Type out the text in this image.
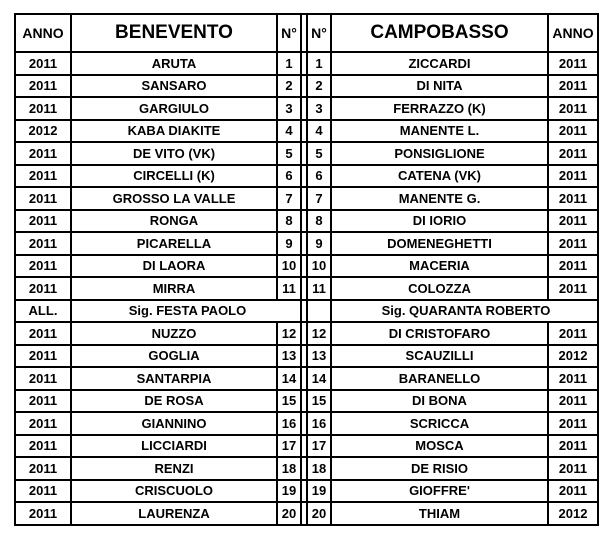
ANNO	BENEVENTO	N°		N°	CAMPOBASSO	ANNO
2011	ARUTA	1		1	ZICCARDI	2011
2011	SANSARO	2		2	DI NITA	2011
2011	GARGIULO	3		3	FERRAZZO (K)	2011
2012	KABA DIAKITE	4		4	MANENTE L.	2011
2011	DE VITO (VK)	5		5	PONSIGLIONE	2011
2011	CIRCELLI (K)	6		6	CATENA (VK)	2011
2011	GROSSO LA VALLE	7		7	MANENTE G.	2011
2011	RONGA	8		8	DI IORIO	2011
2011	PICARELLA	9		9	DOMENEGHETTI	2011
2011	DI LAORA	10		10	MACERIA	2011
2011	MIRRA	11		11	COLOZZA	2011
ALL.	Sig. FESTA PAOLO				Sig. QUARANTA ROBERTO	
2011	NUZZO	12		12	DI CRISTOFARO	2011
2011	GOGLIA	13		13	SCAUZILLI	2012
2011	SANTARPIA	14		14	BARANELLO	2011
2011	DE ROSA	15		15	DI BONA	2011
2011	GIANNINO	16		16	SCRICCA	2011
2011	LICCIARDI	17		17	MOSCA	2011
2011	RENZI	18		18	DE RISIO	2011
2011	CRISCUOLO	19		19	GIOFFRE'	2011
2011	LAURENZA	20		20	THIAM	2012
